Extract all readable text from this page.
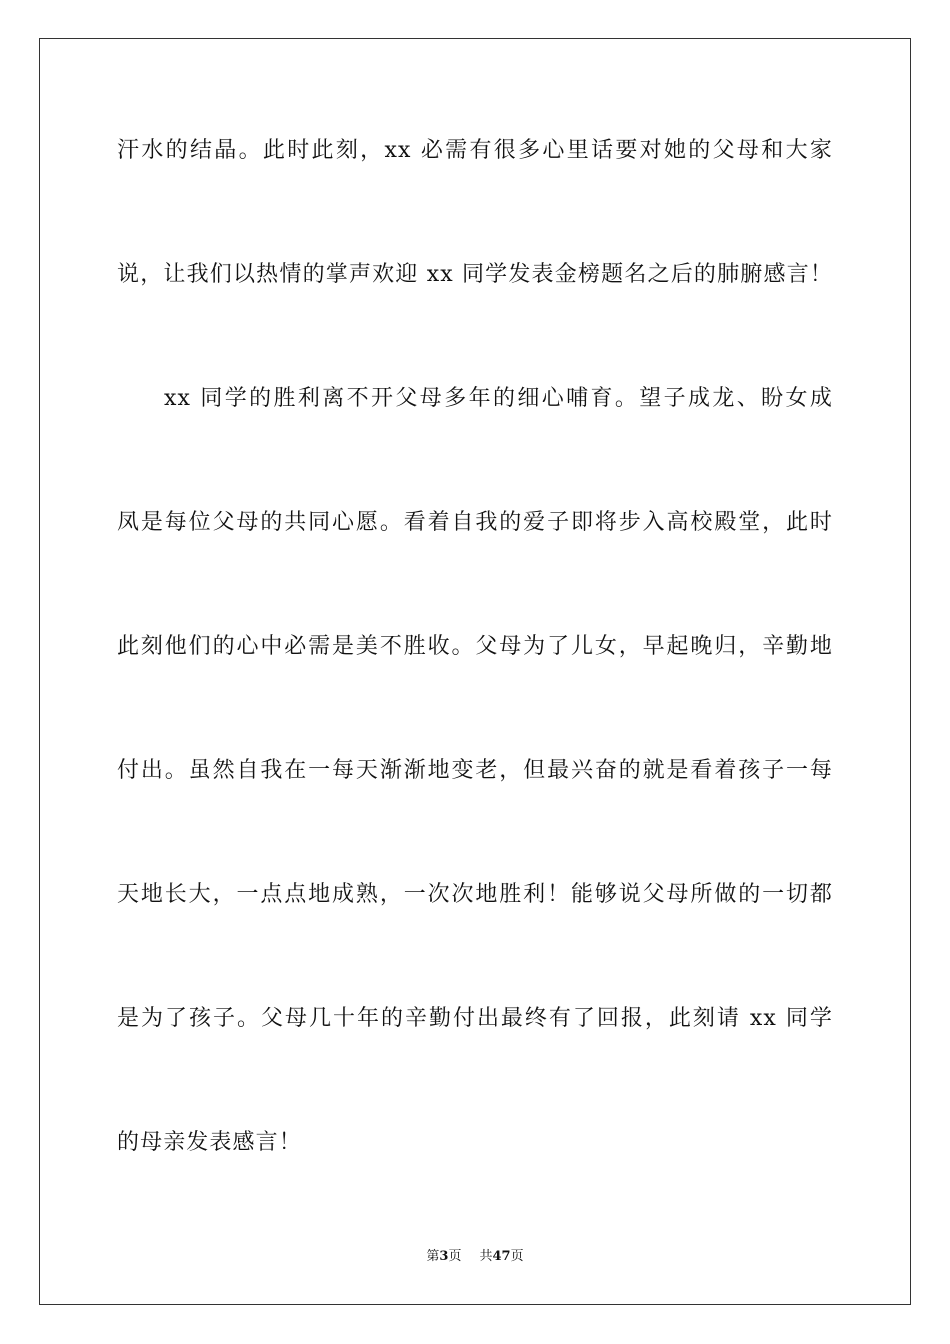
汗水的结晶。此时此刻，xx 必需有很多心里话要对她的父母和大家
说，让我们以热情的掌声欢迎 xx 同学发表金榜题名之后的肺腑感言！
xx 同学的胜利离不开父母多年的细心哺育。望子成龙、盼女成
凤是每位父母的共同心愿。看着自我的爱子即将步入高校殿堂，此时
此刻他们的心中必需是美不胜收。父母为了儿女，早起晚归，辛勤地
付出。虽然自我在一每天渐渐地变老，但最兴奋的就是看着孩子一每
天地长大，一点点地成熟，一次次地胜利！能够说父母所做的一切都
是为了孩子。父母几十年的辛勤付出最终有了回报，此刻请 xx 同学
的母亲发表感言！
第3页 共47页
